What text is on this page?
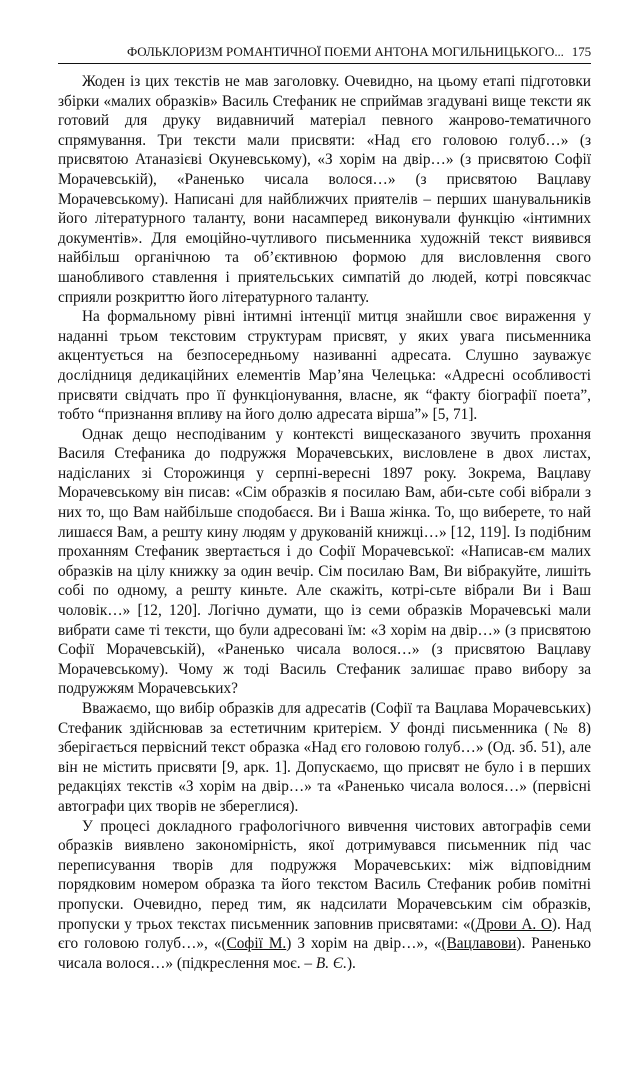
ФОЛЬКЛОРИЗМ РОМАНТИЧНОЇ ПОЕМИ АНТОНА МОГИЛЬНИЦЬКОГО... 175

Жоден із цих текстів не мав заголовку. Очевидно, на цьому етапі підготовки збірки «малих образків» Василь Стефаник не сприймав згадувані вище тексти як готовий для друку видавничий матеріал певного жанрово-тематичного спрямування. Три тексти мали присвяти: «Над єго головою голуб…» (з присвятою Атаназієві Окуневському), «З хорім на двір…» (з присвятою Софії Морачевській), «Раненько чисала волося…» (з присвятою Вацлаву Морачевському). Написані для найближчих приятелів – перших шанувальників його літературного таланту, вони насамперед виконували функцію «інтимних документів». Для емоційно-чутливого письменника художній текст виявився найбільш органічною та об’єктивною формою для висловлення свого шанобливого ставлення і приятельських симпатій до людей, котрі повсякчас сприяли розкриттю його літературного таланту.

На формальному рівні інтимні інтенції митця знайшли своє вираження у наданні трьом текстовим структурам присвят, у яких увага письменника акцентується на безпосередньому називанні адресата. Слушно зауважує дослідниця дедикаційних елементів Мар’яна Челецька: «Адресні особливості присвяти свідчать про її функціонування, власне, як “факту біографії поета”, тобто “признання впливу на його долю адресата вірша”» [5, 71].

Однак дещо несподіваним у контексті вищесказаного звучить прохання Василя Стефаника до подружжя Морачевських, висловлене в двох листах, надісланих зі Сторожинця у серпні-вересні 1897 року. Зокрема, Вацлаву Морачевському він писав: «Сім образків я посилаю Вам, аби-сьте собі вібрали з них то, що Вам найбільше сподобаєся. Ви і Ваша жінка. То, що виберете, то най лишаєся Вам, а решту кину людям у друкованій книжці…» [12, 119]. Із подібним проханням Стефаник звертається і до Софії Морачевської: «Написав-єм малих образків на цілу книжку за один вечір. Сім посилаю Вам, Ви вібракуйте, лишіть собі по одному, а решту киньте. Але скажіть, котрі-сьте вібрали Ви і Ваш чоловік…» [12, 120]. Логічно думати, що із семи образків Морачевські мали вибрати саме ті тексти, що були адресовані їм: «З хорім на двір…» (з присвятою Софії Морачевській), «Раненько чисала волося…» (з присвятою Вацлаву Морачевському). Чому ж тоді Василь Стефаник залишає право вибору за подружжям Морачевських?

Вважаємо, що вибір образків для адресатів (Софії та Вацлава Морачевських) Стефаник здійснював за естетичним критерієм. У фонді письменника (№ 8) зберігається первісний текст образка «Над єго головою голуб…» (Од. зб. 51), але він не містить присвяти [9, арк. 1]. Допускаємо, що присвят не було і в перших редакціях текстів «З хорім на двір…» та «Раненько чисала волося…» (первісні автографи цих творів не збереглися).

У процесі докладного графологічного вивчення чистових автографів семи образків виявлено закономірність, якої дотримувався письменник під час переписування творів для подружжя Морачевських: між відповідним порядковим номером образка та його текстом Василь Стефаник робив помітні пропуски. Очевидно, перед тим, як надсилати Морачевським сім образків, пропуски у трьох текстах письменник заповнив присвятами: «(Дрови А. О). Над єго головою голуб…», «(Софії М.) З хорім на двір…», «(Вацлавови). Раненько чисала волося…» (підкреслення моє. – В. Є.).
